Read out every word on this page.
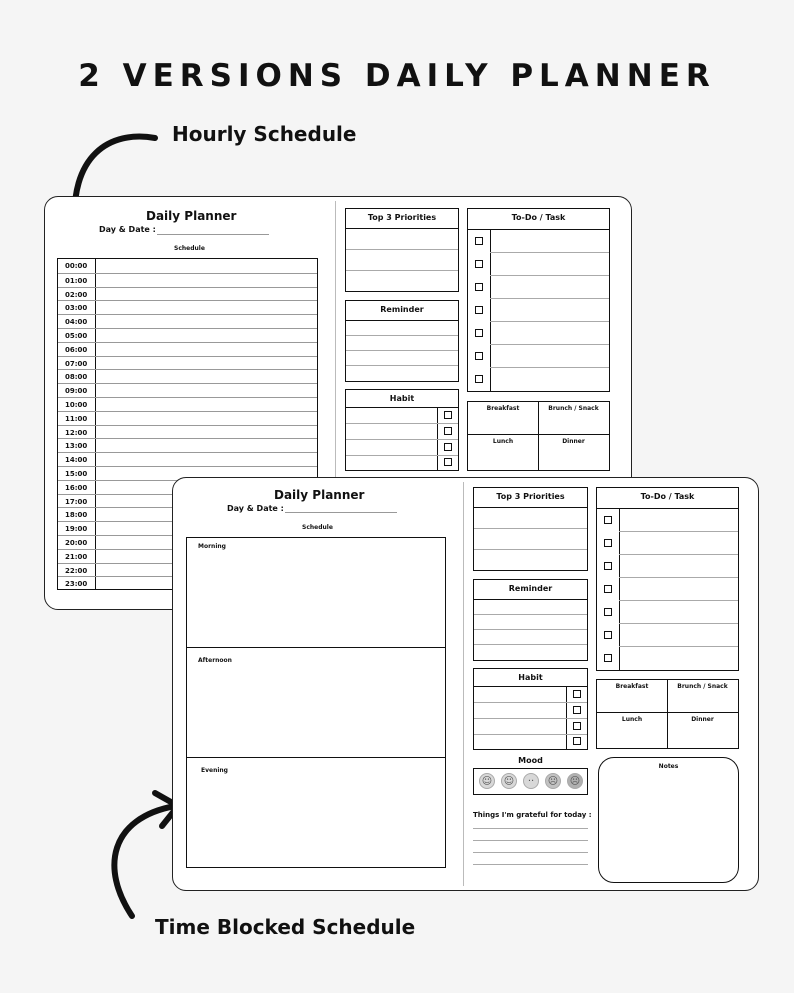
2 VERSIONS DAILY PLANNER
Hourly Schedule
Time Blocked Schedule
Daily Planner
Day & Date :
Schedule
00:00
01:00
02:00
03:00
04:00
05:00
06:00
07:00
08:00
09:00
10:00
11:00
12:00
13:00
14:00
15:00
16:00
17:00
18:00
19:00
20:00
21:00
22:00
23:00
Top 3 Priorities
Reminder
Habit
To-Do / Task
Breakfast	Brunch / Snack
Lunch	Dinner
Daily Planner
Day & Date :
Schedule
Morning
Afternoon
Evening
Top 3 Priorities
Reminder
Habit
Mood
☺ ☺	··	☹ ☹
Things I'm grateful for today :
To-Do / Task
Breakfast	Brunch / Snack
Lunch	Dinner
Notes
